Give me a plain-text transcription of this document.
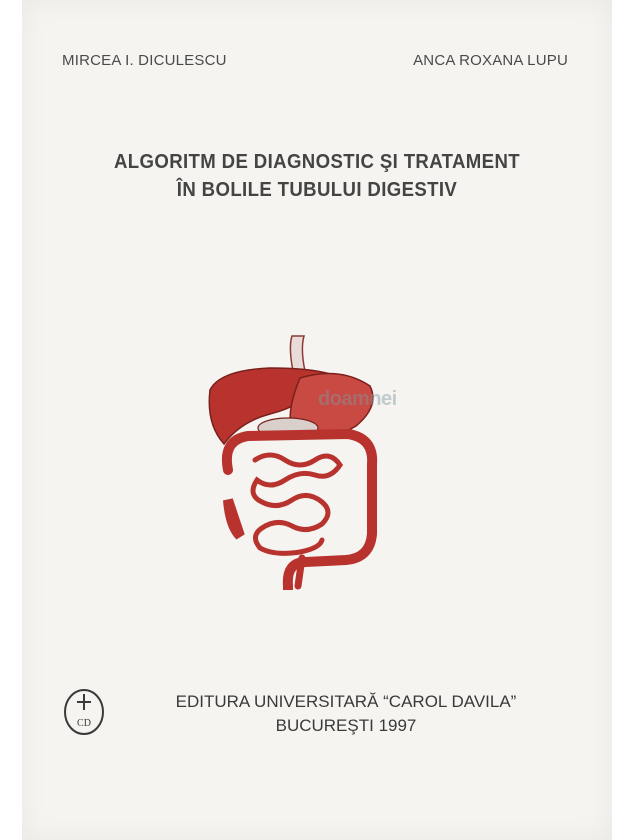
MIRCEA I. DICULESCU	ANCA ROXANA LUPU
ALGORITM DE DIAGNOSTIC ŞI TRATAMENT
ÎN BOLILE TUBULUI DIGESTIV
doamnei
CD
EDITURA UNIVERSITARĂ “CAROL DAVILA”
BUCUREŞTI 1997
